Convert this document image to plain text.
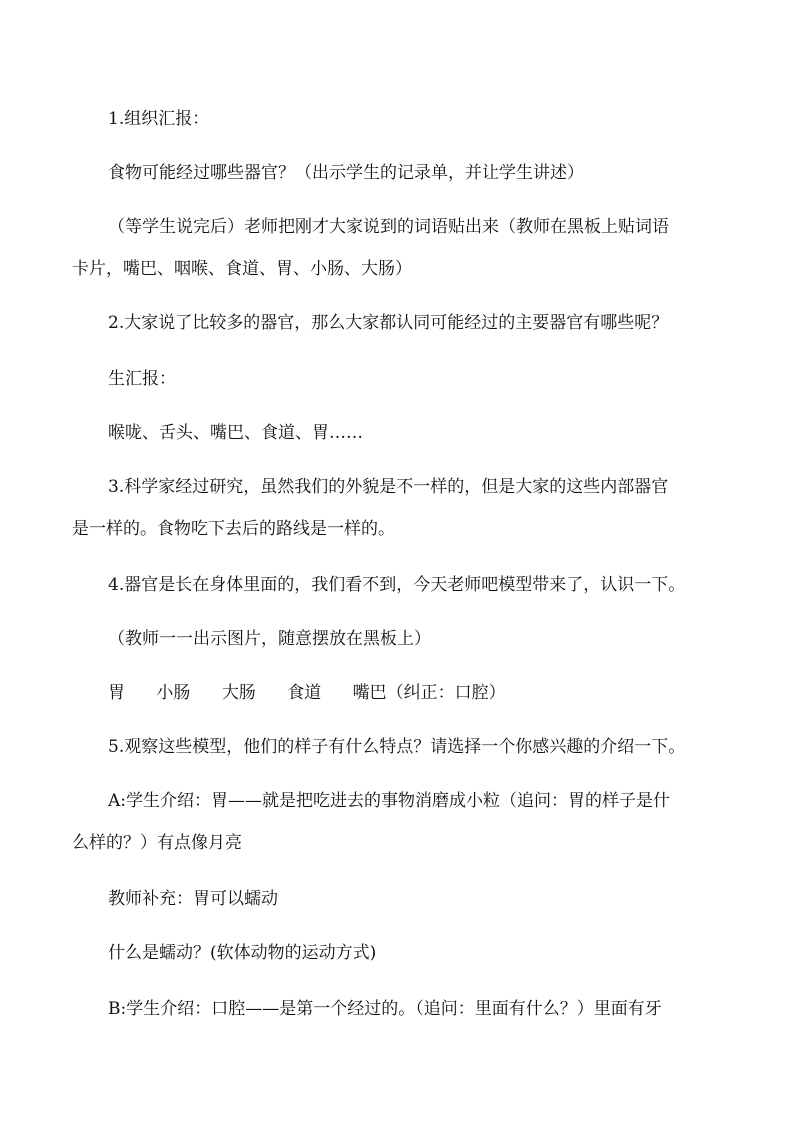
1.组织汇报：
食物可能经过哪些器官？（出示学生的记录单，并让学生讲述）
（等学生说完后）老师把刚才大家说到的词语贴出来（教师在黑板上贴词语
卡片，嘴巴、咽喉、食道、胃、小肠、大肠）
2.大家说了比较多的器官，那么大家都认同可能经过的主要器官有哪些呢？
生汇报：
喉咙、舌头、嘴巴、食道、胃……
3.科学家经过研究，虽然我们的外貌是不一样的，但是大家的这些内部器官
是一样的。食物吃下去后的路线是一样的。
4.器官是长在身体里面的，我们看不到，今天老师吧模型带来了，认识一下。
（教师一一出示图片，随意摆放在黑板上）
胃 小肠 大肠 食道 嘴巴（纠正：口腔）
5.观察这些模型，他们的样子有什么特点？请选择一个你感兴趣的介绍一下。
A:学生介绍：胃——就是把吃进去的事物消磨成小粒（追问：胃的样子是什
么样的？）有点像月亮
教师补充：胃可以蠕动
什么是蠕动？(软体动物的运动方式)
B:学生介绍：口腔——是第一个经过的。（追问：里面有什么？）里面有牙
